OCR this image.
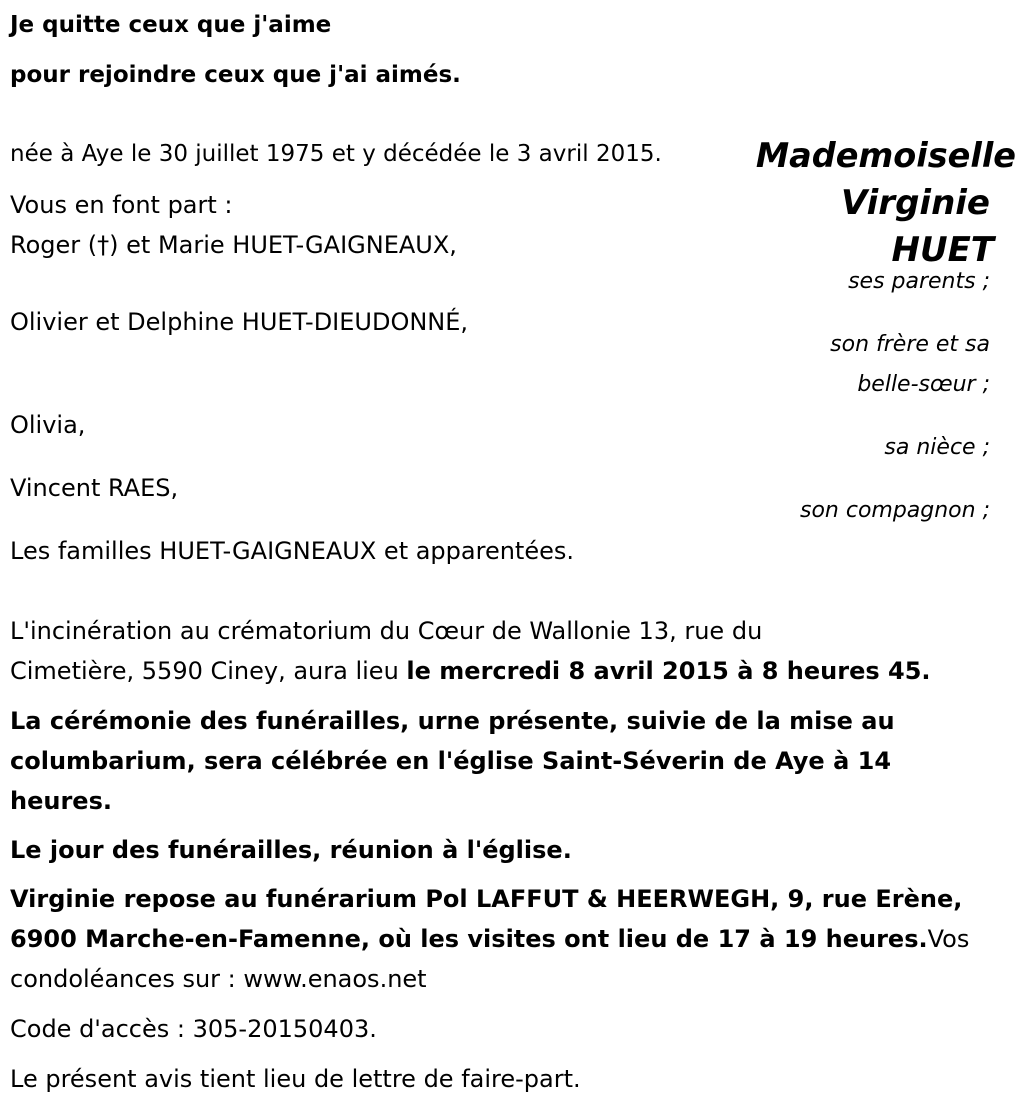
Je quitte ceux que j'aime
pour rejoindre ceux que j'ai aimés.
née à Aye le 30 juillet 1975 et y décédée le 3 avril 2015.	Mademoiselle
Virginie
HUET
Vous en font part :
Roger (†) et Marie HUET-GAIGNEAUX,
ses parents ;
Olivier et Delphine HUET-DIEUDONNÉ,
son frère et sa
belle-sœur ;
Olivia,
sa nièce ;
Vincent RAES,
son compagnon ;
Les familles HUET-GAIGNEAUX et apparentées.
L'incinération au crématorium du Cœur de Wallonie 13, rue du
Cimetière, 5590 Ciney, aura lieu le mercredi 8 avril 2015 à 8 heures 45.
La cérémonie des funérailles, urne présente, suivie de la mise au
columbarium, sera célébrée en l'église Saint-Séverin de Aye à 14
heures.
Le jour des funérailles, réunion à l'église.
Virginie repose au funérarium Pol LAFFUT & HEERWEGH, 9, rue Erène,
6900 Marche-en-Famenne, où les visites ont lieu de 17 à 19 heures.Vos
condoléances sur : www.enaos.net
Code d'accès : 305-20150403.
Le présent avis tient lieu de lettre de faire-part.
